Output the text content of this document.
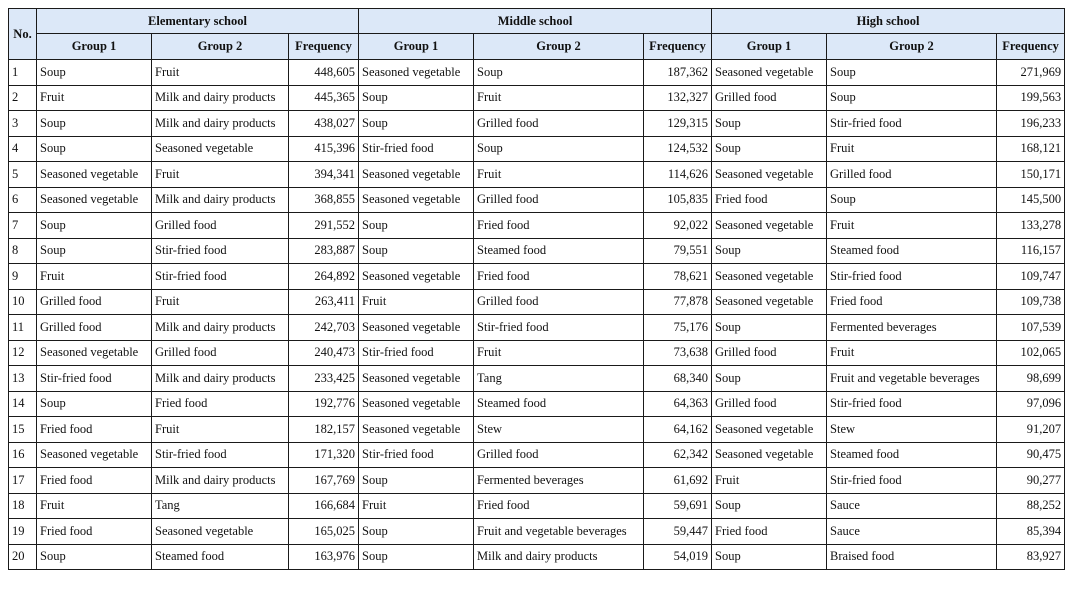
No.	Elementary school			Middle school			High school		
	Group 1	Group 2	Frequency	Group 1	Group 2	Frequency	Group 1	Group 2	Frequency
1	Soup	Fruit	448,605	Seasoned vegetable	Soup	187,362	Seasoned vegetable	Soup	271,969
2	Fruit	Milk and dairy products	445,365	Soup	Fruit	132,327	Grilled food	Soup	199,563
3	Soup	Milk and dairy products	438,027	Soup	Grilled food	129,315	Soup	Stir-fried food	196,233
4	Soup	Seasoned vegetable	415,396	Stir-fried food	Soup	124,532	Soup	Fruit	168,121
5	Seasoned vegetable	Fruit	394,341	Seasoned vegetable	Fruit	114,626	Seasoned vegetable	Grilled food	150,171
6	Seasoned vegetable	Milk and dairy products	368,855	Seasoned vegetable	Grilled food	105,835	Fried food	Soup	145,500
7	Soup	Grilled food	291,552	Soup	Fried food	92,022	Seasoned vegetable	Fruit	133,278
8	Soup	Stir-fried food	283,887	Soup	Steamed food	79,551	Soup	Steamed food	116,157
9	Fruit	Stir-fried food	264,892	Seasoned vegetable	Fried food	78,621	Seasoned vegetable	Stir-fried food	109,747
10	Grilled food	Fruit	263,411	Fruit	Grilled food	77,878	Seasoned vegetable	Fried food	109,738
11	Grilled food	Milk and dairy products	242,703	Seasoned vegetable	Stir-fried food	75,176	Soup	Fermented beverages	107,539
12	Seasoned vegetable	Grilled food	240,473	Stir-fried food	Fruit	73,638	Grilled food	Fruit	102,065
13	Stir-fried food	Milk and dairy products	233,425	Seasoned vegetable	Tang	68,340	Soup	Fruit and vegetable beverages	98,699
14	Soup	Fried food	192,776	Seasoned vegetable	Steamed food	64,363	Grilled food	Stir-fried food	97,096
15	Fried food	Fruit	182,157	Seasoned vegetable	Stew	64,162	Seasoned vegetable	Stew	91,207
16	Seasoned vegetable	Stir-fried food	171,320	Stir-fried food	Grilled food	62,342	Seasoned vegetable	Steamed food	90,475
17	Fried food	Milk and dairy products	167,769	Soup	Fermented beverages	61,692	Fruit	Stir-fried food	90,277
18	Fruit	Tang	166,684	Fruit	Fried food	59,691	Soup	Sauce	88,252
19	Fried food	Seasoned vegetable	165,025	Soup	Fruit and vegetable beverages	59,447	Fried food	Sauce	85,394
20	Soup	Steamed food	163,976	Soup	Milk and dairy products	54,019	Soup	Braised food	83,927
